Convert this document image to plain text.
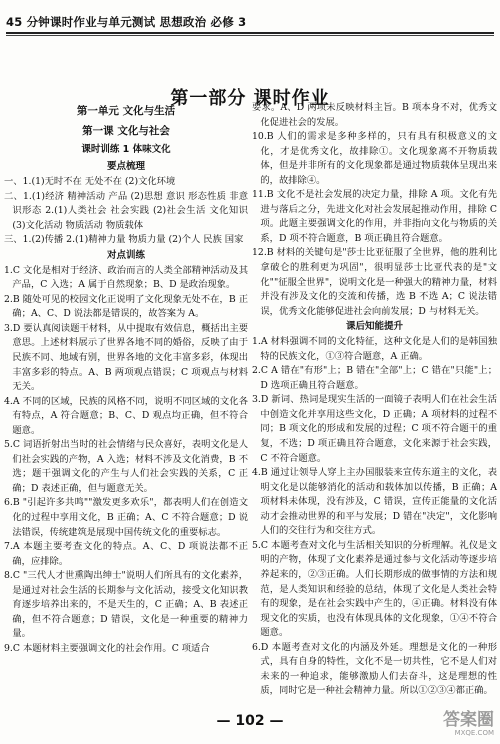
45 分钟课时作业与单元测试 思想政治 必修 3
第一部分 课时作业

第一单元 文化与生活

第一课 文化与社会

课时训练 1 体味文化

要点梳理

一、1.(1)无时不在 无处不在 (2)文化环境

二、1.(1)经济 精神活动 产品 (2)思想 意识 形态性质 非意识形态 2.(1)人类社会 社会实践 (2)社会生活 文化知识 (3)文化活动 物质活动 物质载体

三、1.(2)传播 2.(1)精神力量 物质力量 (2)个人 民族 国家

对点训练

1.C 文化是相对于经济、政治而言的人类全部精神活动及其产品，C 入选；A 属于自然现象；B、D 是政治现象。

2.B 随处可见的校园文化正说明了文化现象无处不在，B 正确；A、C、D 说法都是错误的，故答案为 A。

3.D 要认真阅读题干材料，从中提取有效信息，概括出主要意思。上述材料展示了世界各地不同的婚俗，反映了由于民族不同、地域有别，世界各地的文化丰富多彩，体现出丰富多彩的特点。A、B 两项观点错误；C 项观点与材料无关。

4.A 不同的区域，民族的风格不同，说明不同区域的文化各有特点，A 符合题意；B、C、D 观点均正确，但不符合题意。

5.C 词语折射出当时的社会情绪与民众喜好，表明文化是人们社会实践的产物，A 入选；材料不涉及文化消费，B 不选；题干强调文化的产生与人们社会实践的关系，C 正确；D 表述正确，但与题意无关。

6.B "引起许多共鸣""激发更多欢乐"，都表明人们在创造文化的过程中享用文化，B 正确；A、C 不符合题意；D 说法错误，传统建筑是展现中国传统文化的重要标志。

7.A 本题主要考查文化的特点。A、C、D 项说法都不正确，应排除。

8.C "三代人才世熏陶出绅士"说明人们所具有的文化素养，是通过对社会生活的长期参与文化活动，接受文化知识教育逐步培养出来的，不是天生的，C 正确；A、B 表述正确，但不符合题意；D 错误，文化是一种重要的精神力量。

9.C 本题材料主要强调文化的社会作用。C 项适合

要求。A、D 两项未反映材料主旨。B 项本身不对，优秀文化促进社会的发展。

10.B 人们的需求是多种多样的，只有具有积极意义的文化，才是优秀文化，故排除①。文化现象离不开物质载体，但是并非所有的文化现象都是通过物质载体呈现出来的，故排除④。

11.B 文化不是社会发展的决定力量，排除 A 项。文化有先进与落后之分，先进文化对社会发展起推动作用，排除 C 项。此题主要强调文化的作用，并非指向文化与物质的关系，D 项不符合题意，B 项正确且符合题意。

12.B 材料的关键句是"莎士比亚征服了全世界，他的胜利比拿破仑的胜利更为巩固"，很明显莎士比亚代表的是"文化""征服全世界"，说明文化是一种强大的精神力量，材料并没有涉及文化的交流和传播，选 B 不选 A；C 说法错误，优秀文化能够促进社会向前发展；D 与材料无关。

课后知能提升

1.A 材料强调不同的文化特征，这种文化是人们的是韩国独特的民族文化，①③符合题意，A 正确。

2.C A 错在"有形"上；B 错在"全部"上；C 错在"只能"上；D 选项正确且符合题意。

3.D 新词、热词是现实生活的一面镜子表明人们在社会生活中创造文化并享用这些文化，D 正确；A 项材料的过程不同；B 项文化的形成和发展的过程；C 项不符合题干的重复，不选；D 项正确且符合题意，文化来源于社会实践，C 不符合题意。

4.B 通过让领导人穿上主办国服装来宣传东道主的文化，表明文化是以能够消化的活动和载体加以传播，B 正确；A 项材料未体现，没有涉及，C 错误，宣传正能量的文化活动才会推动世界的和平与发展；D 错在"决定"，文化影响人们的交往行为和交往方式。

5.C 本题考查对文化与生活相关知识的分析理解。礼仪是文明的产物，体现了文化素养是通过参与文化活动等逐步培养起来的，②③正确。人们长期形成的做事情的方法和规范，是人类知识和经验的总结，体现了文化是人类社会特有的现象，是在社会实践中产生的，④正确。材料没有体现文化的实质，也没有体现具体的文化现象，①④不符合题意。

6.D 本题考查对文化的内涵及外延。理想是文化的一种形式，具有自身的特性，文化不是一切共性，它不是人们对未来的一种追求，能够激励人们去奋斗，这是理想的性质，同时它是一种社会精神力量。所以①②③④都正确。

— 102 —	答案圈
MXQE.COM
